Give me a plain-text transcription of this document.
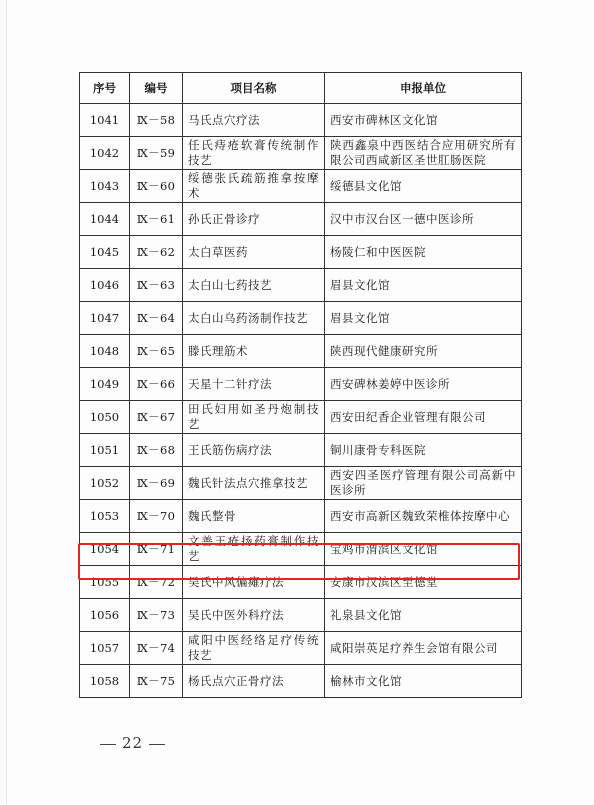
序号	编号	项目名称	申报单位
1041	Ⅸ－58	马氏点穴疗法	西安市碑林区文化馆
1042	Ⅸ－59	任氏痔疮软膏传统制作技艺	陕西鑫泉中西医结合应用研究所有限公司西咸新区圣世肛肠医院
1043	Ⅸ－60	绥德张氏疏筋推拿按摩术	绥德县文化馆
1044	Ⅸ－61	孙氏正骨诊疗	汉中市汉台区一德中医诊所
1045	Ⅸ－62	太白草医药	杨陵仁和中医医院
1046	Ⅸ－63	太白山七药技艺	眉县文化馆
1047	Ⅸ－64	太白山乌药汤制作技艺	眉县文化馆
1048	Ⅸ－65	滕氏理筋术	陕西现代健康研究所
1049	Ⅸ－66	天星十二针疗法	西安碑林姜婷中医诊所
1050	Ⅸ－67	田氏妇用如圣丹炮制技艺	西安田纪香企业管理有限公司
1051	Ⅸ－68	王氏筋伤病疗法	铜川康骨专科医院
1052	Ⅸ－69	魏氏针法点穴推拿技艺	西安四圣医疗管理有限公司高新中医诊所
1053	Ⅸ－70	魏氏整骨	西安市高新区魏致荣椎体按摩中心
1054	Ⅸ－71	文善王疮扬药膏制作技艺	宝鸡市渭滨区文化馆
1055	Ⅸ－72	吴氏中风偏瘫疗法	安康市汉滨区至德堂
1056	Ⅸ－73	吴氏中医外科疗法	礼泉县文化馆
1057	Ⅸ－74	咸阳中医经络足疗传统技艺	咸阳崇英足疗养生会馆有限公司
1058	Ⅸ－75	杨氏点穴正骨疗法	榆林市文化馆
22
